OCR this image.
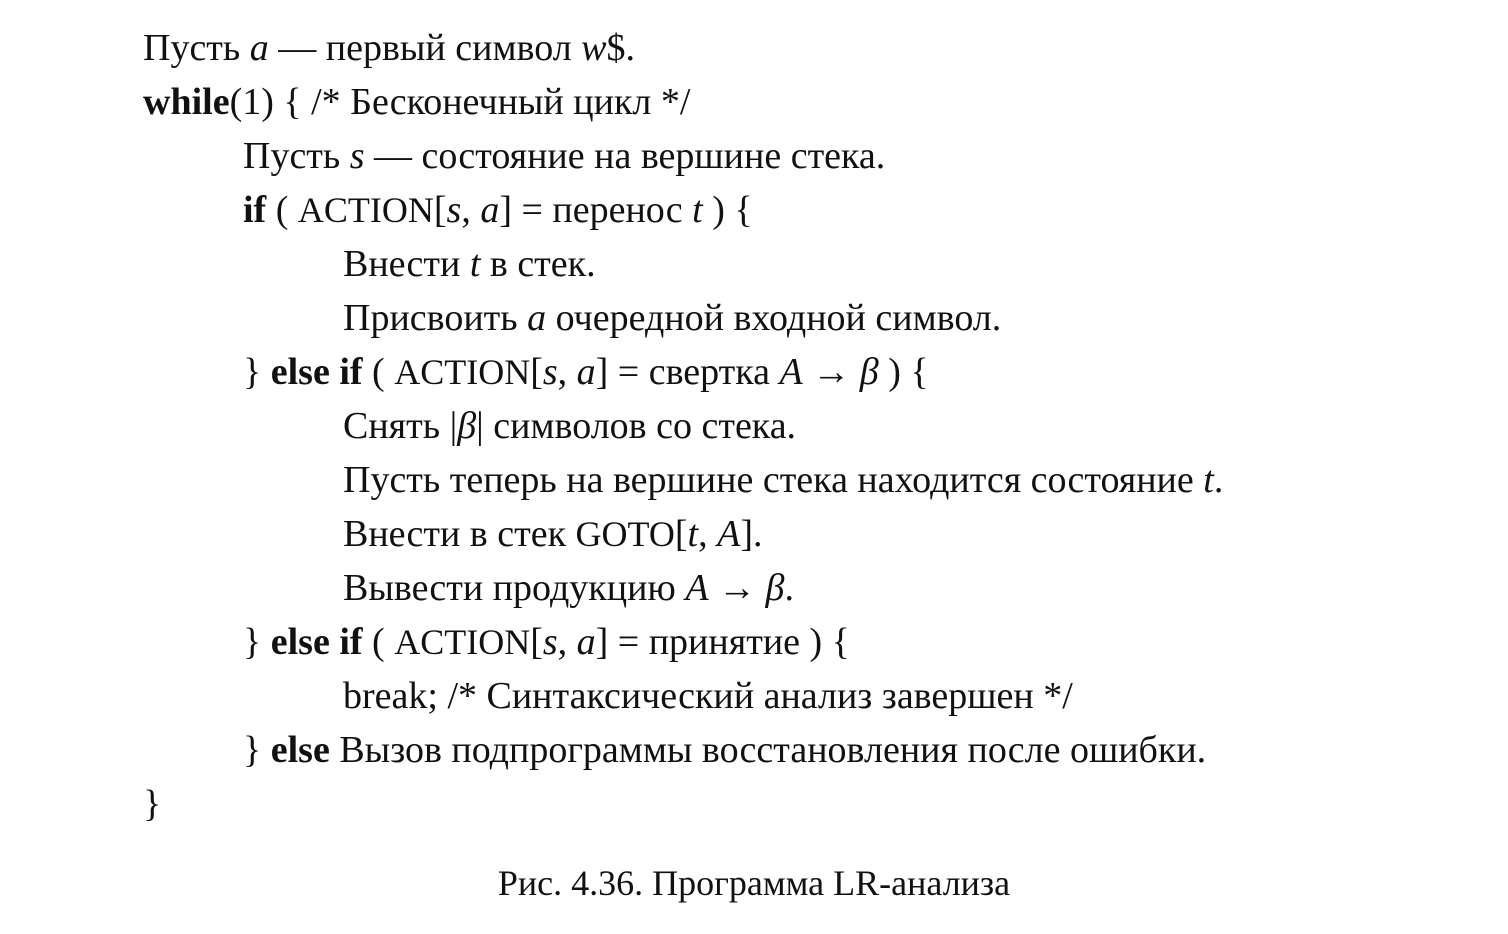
Пусть a — первый символ w$.
while(1) { /* Бесконечный цикл */
Пусть s — состояние на вершине стека.
if ( ACTION[s, a] = перенос t ) {
Внести t в стек.
Присвоить a очередной входной символ.
} else if ( ACTION[s, a] = свертка A → β ) {
Снять |β| символов со стека.
Пусть теперь на вершине стека находится состояние t.
Внести в стек GOTO[t, A].
Вывести продукцию A → β.
} else if ( ACTION[s, a] = принятие ) {
break; /* Синтаксический анализ завершен */
} else Вызов подпрограммы восстановления после ошибки.
}
Рис. 4.36. Программа LR-анализа
